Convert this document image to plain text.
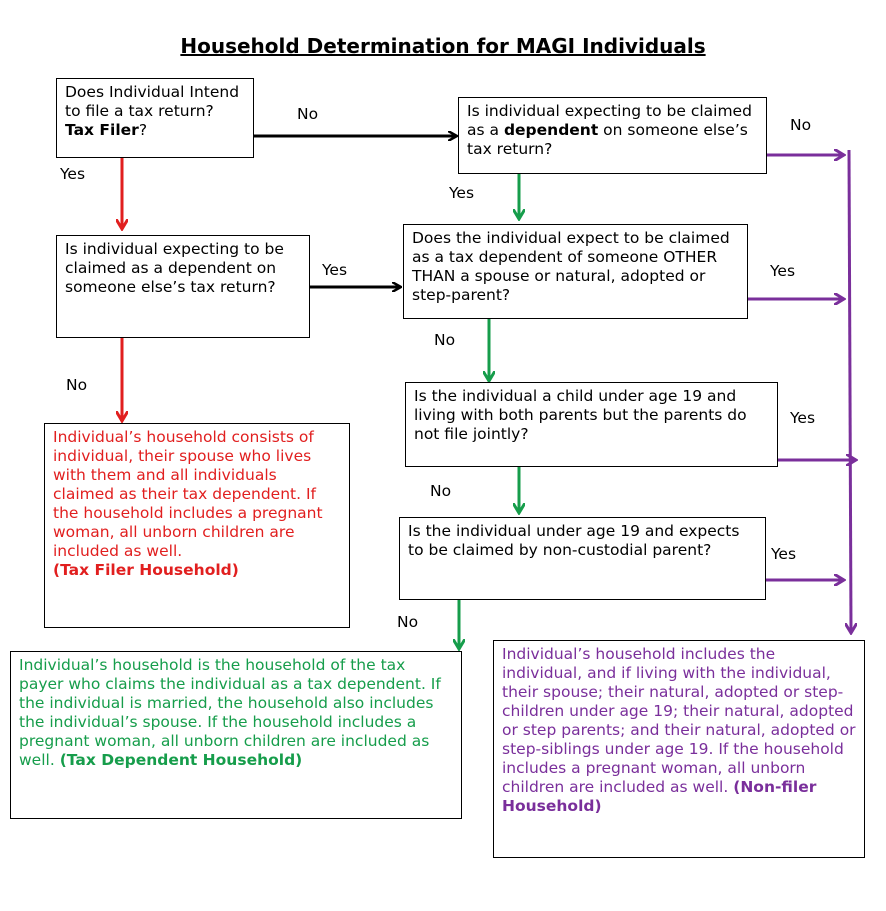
Household Determination for MAGI Individuals
Does Individual Intend to file a tax return? Tax Filer?
Is individual expecting to be claimed as a dependent on someone else’s tax return?
Is individual expecting to be claimed as a dependent on someone else’s tax return?
Does the individual expect to be claimed as a tax dependent of someone OTHER THAN a spouse or natural, adopted or step-parent?
Is the individual a child under age 19 and living with both parents but the parents do not file jointly?
Is the individual under age 19 and expects to be claimed by non-custodial parent?
Individual’s household consists of individual, their spouse who lives with them and all individuals claimed as their tax dependent. If the household includes a pregnant woman, all unborn children are included as well.
(Tax Filer Household)
Individual’s household is the household of the tax payer who claims the individual as a tax dependent. If the individual is married, the household also includes the individual’s spouse. If the household includes a pregnant woman, all unborn children are included as well. (Tax Dependent Household)
Individual’s household includes the individual, and if living with the individual, their spouse; their natural, adopted or step-children under age 19; their natural, adopted or step parents; and their natural, adopted or step-siblings under age 19. If the household includes a pregnant woman, all unborn children are included as well. (Non-filer Household)
No
Yes
No
Yes
Yes
No
Yes
No
Yes
No
Yes
No
